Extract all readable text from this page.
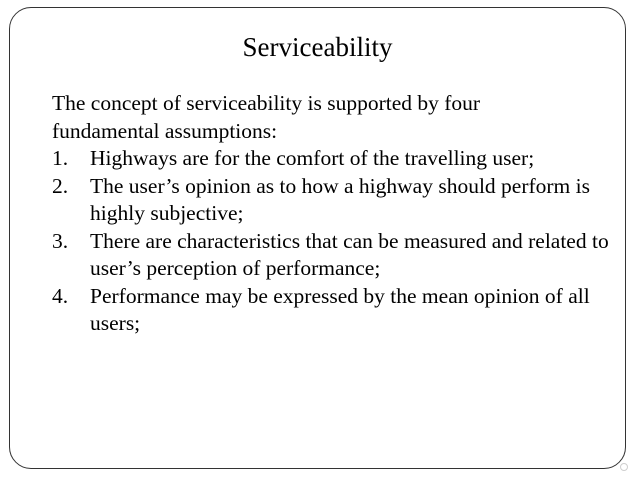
Serviceability
The concept of serviceability is supported by four fundamental assumptions:
1. Highways are for the comfort of the travelling user;
2. The user’s opinion as to how a highway should perform is highly subjective;
3. There are characteristics that can be measured and related to user’s perception of performance;
4. Performance may be expressed by the mean opinion of all users;
